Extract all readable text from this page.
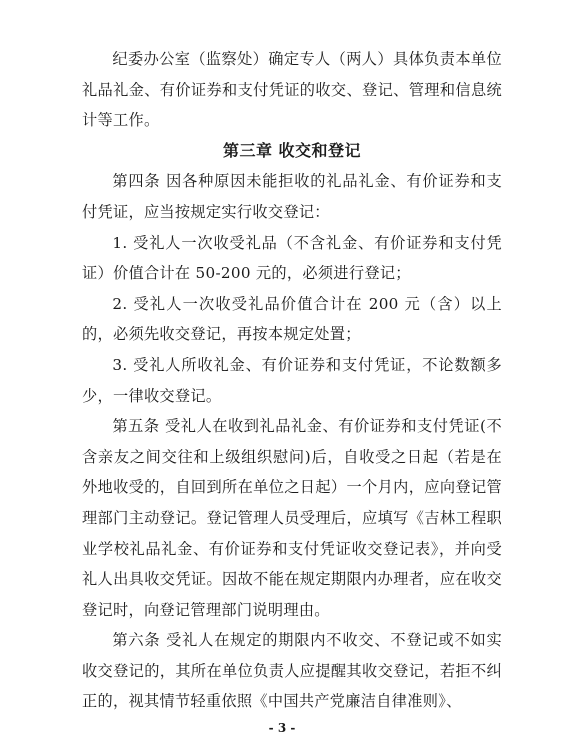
纪委办公室（监察处）确定专人（两人）具体负责本单位礼品礼金、有价证券和支付凭证的收交、登记、管理和信息统计等工作。

第三章 收交和登记

第四条 因各种原因未能拒收的礼品礼金、有价证券和支付凭证，应当按规定实行收交登记：

1. 受礼人一次收受礼品（不含礼金、有价证券和支付凭证）价值合计在 50-200 元的，必须进行登记；

2. 受礼人一次收受礼品价值合计在 200 元（含）以上的，必须先收交登记，再按本规定处置；

3. 受礼人所收礼金、有价证券和支付凭证，不论数额多少，一律收交登记。

第五条 受礼人在收到礼品礼金、有价证券和支付凭证(不含亲友之间交往和上级组织慰问)后，自收受之日起（若是在外地收受的，自回到所在单位之日起）一个月内，应向登记管理部门主动登记。登记管理人员受理后，应填写《吉林工程职业学校礼品礼金、有价证券和支付凭证收交登记表》，并向受礼人出具收交凭证。因故不能在规定期限内办理者，应在收交登记时，向登记管理部门说明理由。

第六条 受礼人在规定的期限内不收交、不登记或不如实收交登记的，其所在单位负责人应提醒其收交登记，若拒不纠正的，视其情节轻重依照《中国共产党廉洁自律准则》、

- 3 -
